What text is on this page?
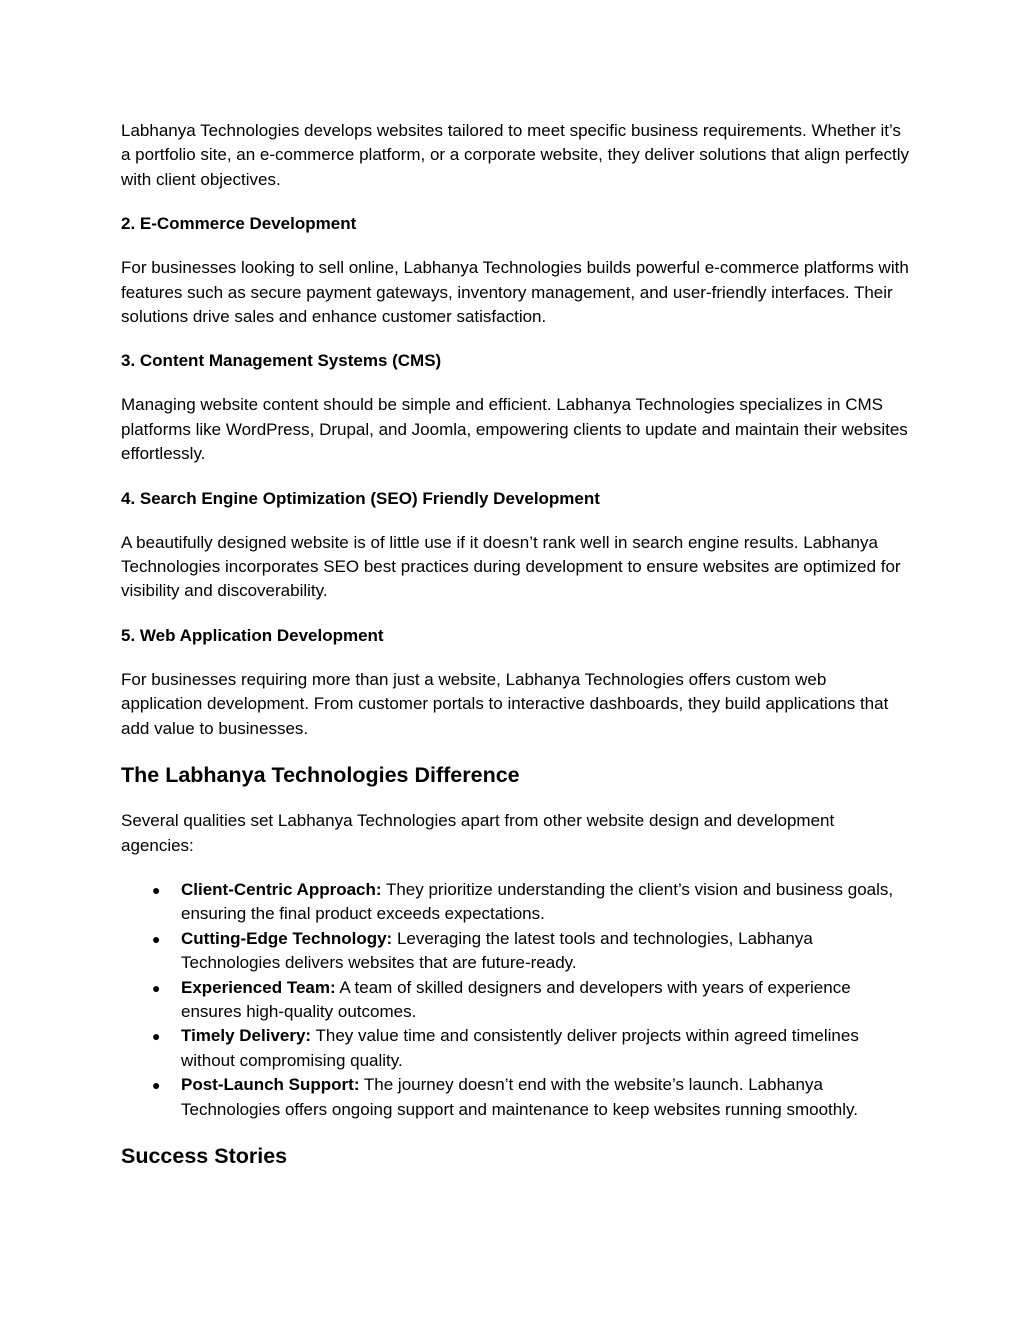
Labhanya Technologies develops websites tailored to meet specific business requirements. Whether it’s a portfolio site, an e-commerce platform, or a corporate website, they deliver solutions that align perfectly with client objectives.

2. E-Commerce Development

For businesses looking to sell online, Labhanya Technologies builds powerful e-commerce platforms with features such as secure payment gateways, inventory management, and user-friendly interfaces. Their solutions drive sales and enhance customer satisfaction.

3. Content Management Systems (CMS)

Managing website content should be simple and efficient. Labhanya Technologies specializes in CMS platforms like WordPress, Drupal, and Joomla, empowering clients to update and maintain their websites effortlessly.

4. Search Engine Optimization (SEO) Friendly Development

A beautifully designed website is of little use if it doesn’t rank well in search engine results. Labhanya Technologies incorporates SEO best practices during development to ensure websites are optimized for visibility and discoverability.

5. Web Application Development

For businesses requiring more than just a website, Labhanya Technologies offers custom web application development. From customer portals to interactive dashboards, they build applications that add value to businesses.

The Labhanya Technologies Difference

Several qualities set Labhanya Technologies apart from other website design and development agencies:

● Client-Centric Approach: They prioritize understanding the client’s vision and business goals, ensuring the final product exceeds expectations.
● Cutting-Edge Technology: Leveraging the latest tools and technologies, Labhanya Technologies delivers websites that are future-ready.
● Experienced Team: A team of skilled designers and developers with years of experience ensures high-quality outcomes.
● Timely Delivery: They value time and consistently deliver projects within agreed timelines without compromising quality.
● Post-Launch Support: The journey doesn’t end with the website’s launch. Labhanya Technologies offers ongoing support and maintenance to keep websites running smoothly.
Success Stories
